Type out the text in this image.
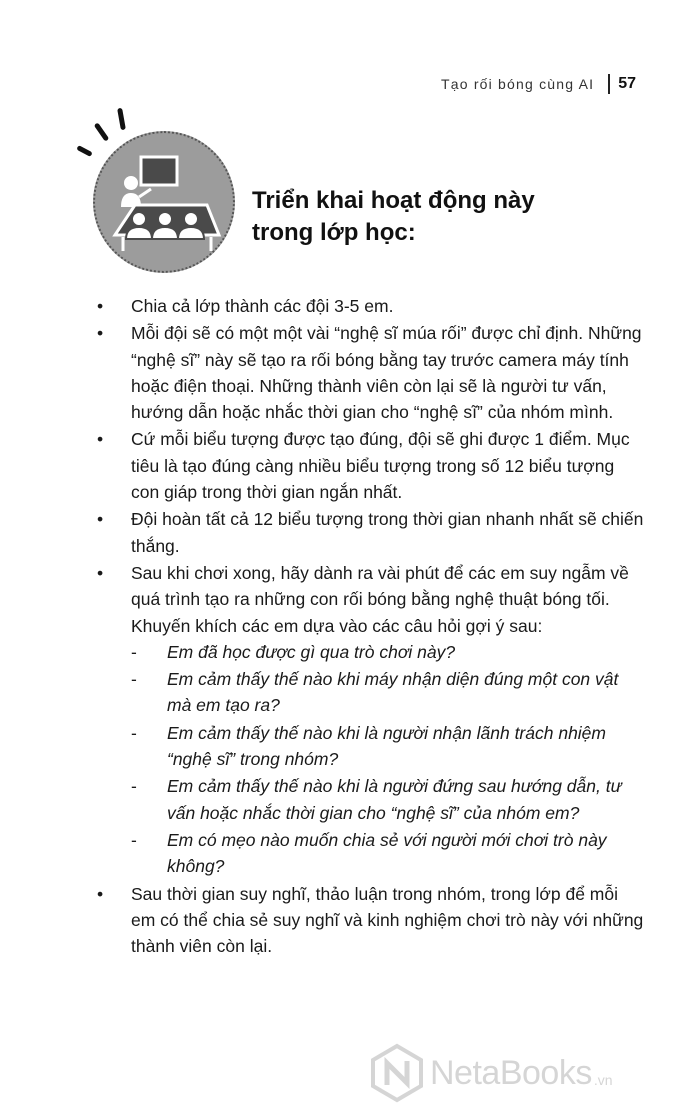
Tạo rối bóng cùng AI 57
Triển khai hoạt động này
trong lớp học:
• Chia cả lớp thành các đội 3-5 em.
• Mỗi đội sẽ có một một vài “nghệ sĩ múa rối” được chỉ định. Những “nghệ sĩ” này sẽ tạo ra rối bóng bằng tay trước camera máy tính hoặc điện thoại. Những thành viên còn lại sẽ là người tư vấn, hướng dẫn hoặc nhắc thời gian cho “nghệ sĩ” của nhóm mình.
• Cứ mỗi biểu tượng được tạo đúng, đội sẽ ghi được 1 điểm. Mục tiêu là tạo đúng càng nhiều biểu tượng trong số 12 biểu tượng con giáp trong thời gian ngắn nhất.
• Đội hoàn tất cả 12 biểu tượng trong thời gian nhanh nhất sẽ chiến thắng.
• Sau khi chơi xong, hãy dành ra vài phút để các em suy ngẫm về quá trình tạo ra những con rối bóng bằng nghệ thuật bóng tối. Khuyến khích các em dựa vào các câu hỏi gợi ý sau:
- Em đã học được gì qua trò chơi này?
- Em cảm thấy thế nào khi máy nhận diện đúng một con vật mà em tạo ra?
- Em cảm thấy thế nào khi là người nhận lãnh trách nhiệm “nghệ sĩ” trong nhóm?
- Em cảm thấy thế nào khi là người đứng sau hướng dẫn, tư vấn hoặc nhắc thời gian cho “nghệ sĩ” của nhóm em?
- Em có mẹo nào muốn chia sẻ với người mới chơi trò này không?
• Sau thời gian suy nghĩ, thảo luận trong nhóm, trong lớp để mỗi em có thể chia sẻ suy nghĩ và kinh nghiệm chơi trò này với những thành viên còn lại.
NetaBooks .vn
